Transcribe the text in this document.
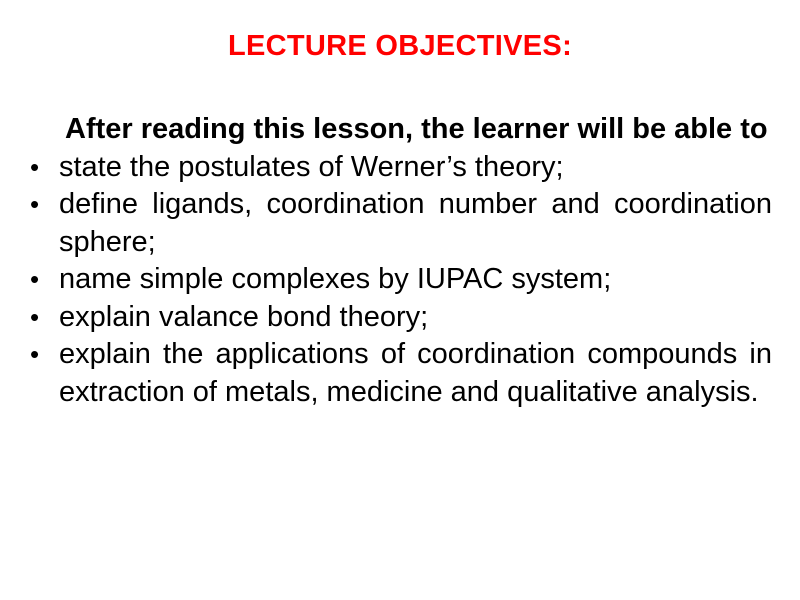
LECTURE OBJECTIVES:

After reading this lesson, the learner will be able to

• state the postulates of Werner’s theory;
• define ligands, coordination number and coordination sphere;
• name simple complexes by IUPAC system;
• explain valance bond theory;
• explain the applications of coordination compounds in extraction of metals, medicine and qualitative analysis.
